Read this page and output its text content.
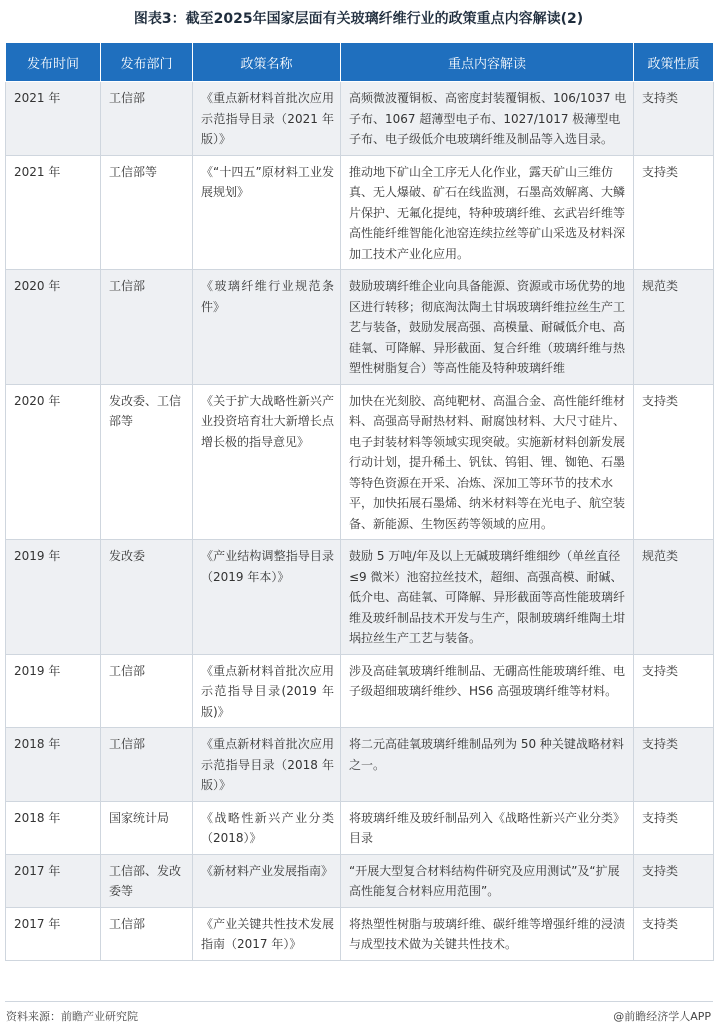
图表3：截至2025年国家层面有关玻璃纤维行业的政策重点内容解读(2)
发布时间	发布部门	政策名称	重点内容解读	政策性质
2021 年	工信部	《重点新材料首批次应用示范指导目录（2021 年版）》	高频微波覆铜板、高密度封装覆铜板、106/1037 电子布、1067 超薄型电子布、1027/1017 极薄型电子布、电子级低介电玻璃纤维及制品等入选目录。	支持类
2021 年	工信部等	《“十四五”原材料工业发展规划》	推动地下矿山全工序无人化作业，露天矿山三维仿真、无人爆破、矿石在线监测，石墨高效解离、大鳞片保护、无氟化提纯，特种玻璃纤维、玄武岩纤维等高性能纤维智能化池窑连续拉丝等矿山采选及材料深加工技术产业化应用。	支持类
2020 年	工信部	《玻璃纤维行业规范条件》	鼓励玻璃纤维企业向具备能源、资源或市场优势的地区进行转移；彻底淘汰陶土甘埚玻璃纤维拉丝生产工艺与装备，鼓励发展高强、高模量、耐碱低介电、高硅氧、可降解、异形截面、复合纤维（玻璃纤维与热塑性树脂复合）等高性能及特种玻璃纤维	规范类
2020 年	发改委、工信部等	《关于扩大战略性新兴产业投资培育壮大新增长点增长极的指导意见》	加快在光刻胶、高纯靶材、高温合金、高性能纤维材料、高强高导耐热材料、耐腐蚀材料、大尺寸硅片、电子封装材料等领域实现突破。实施新材料创新发展行动计划，提升稀土、钒钛、钨钼、锂、铷铯、石墨等特色资源在开采、冶炼、深加工等环节的技术水平，加快拓展石墨烯、纳米材料等在光电子、航空装备、新能源、生物医药等领域的应用。	支持类
2019 年	发改委	《产业结构调整指导目录（2019 年本）》	鼓励 5 万吨/年及以上无碱玻璃纤维细纱（单丝直径≤9 微米）池窑拉丝技术，超细、高强高模、耐碱、低介电、高硅氧、可降解、异形截面等高性能玻璃纤维及玻纤制品技术开发与生产，限制玻璃纤维陶土坩埚拉丝生产工艺与装备。	规范类
2019 年	工信部	《重点新材料首批次应用示范指导目录(2019 年版)》	涉及高硅氧玻璃纤维制品、无硼高性能玻璃纤维、电子级超细玻璃纤维纱、HS6 高强玻璃纤维等材料。	支持类
2018 年	工信部	《重点新材料首批次应用示范指导目录（2018 年版）》	将二元高硅氧玻璃纤维制品列为 50 种关键战略材料之一。	支持类
2018 年	国家统计局	《战略性新兴产业分类（2018）》	将玻璃纤维及玻纤制品列入《战略性新兴产业分类》目录	支持类
2017 年	工信部、发改委等	《新材料产业发展指南》	“开展大型复合材料结构件研究及应用测试”及“扩展高性能复合材料应用范围”。	支持类
2017 年	工信部	《产业关键共性技术发展指南（2017 年）》	将热塑性树脂与玻璃纤维、碳纤维等增强纤维的浸渍与成型技术做为关键共性技术。	支持类
资料来源：前瞻产业研究院	@前瞻经济学人APP
